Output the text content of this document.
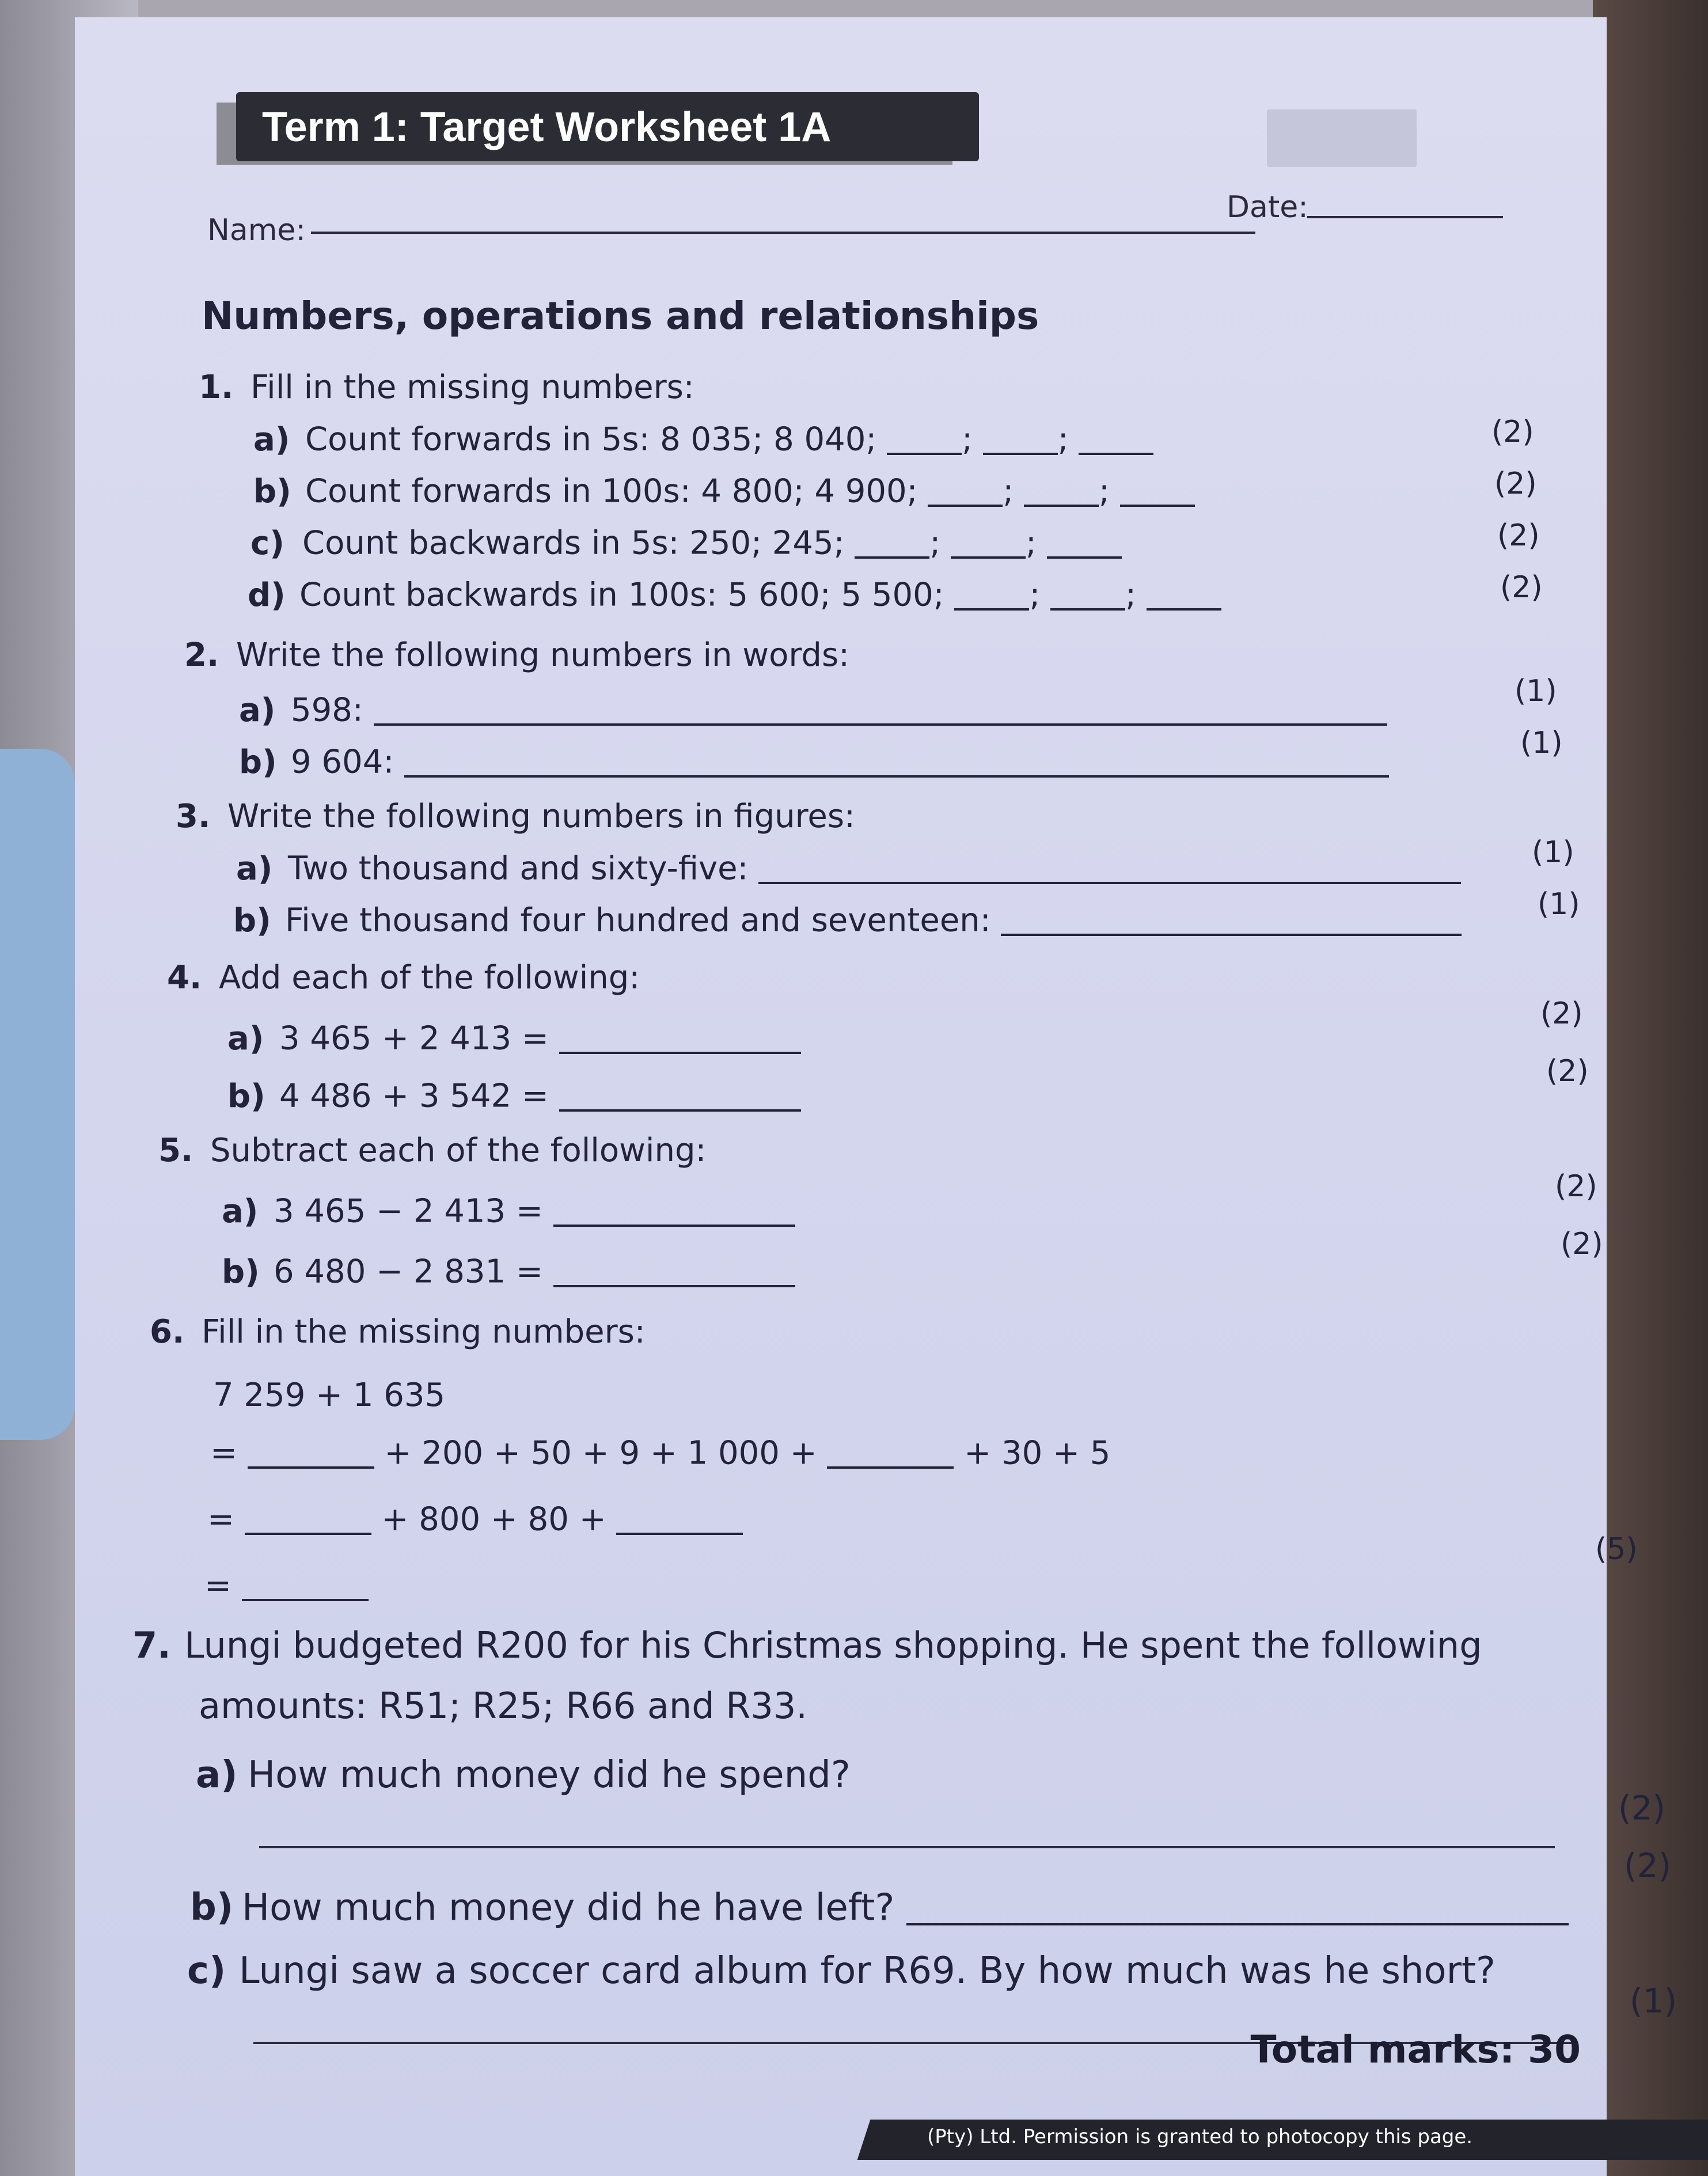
Term 1: Target Worksheet 1A
Name:
Date:
Numbers, operations and relationships
1. Fill in the missing numbers:
a) Count forwards in 5s: 8 035; 8 040;	; ;	(2)
b) Count forwards in 100s: 4 800; 4 900;	; ;	(2)
c) Count backwards in 5s: 250; 245;	; ;	(2)
d) Count backwards in 100s: 5 600; 5 500;	; ;	(2)
2. Write the following numbers in words:
a) 598:
(1)
b) 9 604:
(1)
3. Write the following numbers in figures:
a) Two thousand and sixty-five:	(1)
b) Five thousand four hundred and seventeen:	(1)
4. Add each of the following:
a) 3 465 + 2 413 =
(2)
b) 4 486 + 3 542 =
(2)
5. Subtract each of the following:
a) 3 465 − 2 413 =
(2)
b) 6 480 − 2 831 =
(2)
6. Fill in the missing numbers:
7 259 + 1 635
=	+ 200 + 50 + 9 + 1 000 +	+ 30 + 5
=	+ 800 + 80 +
(5)
=
7. Lungi budgeted R200 for his Christmas shopping. He spent the following
amounts: R51; R25; R66 and R33.
a) How much money did he spend?
(2)
b) How much money did he have left?
(2)
c) Lungi saw a soccer card album for R69. By how much was he short?
(1)
Total marks: 30
(Pty) Ltd. Permission is granted to photocopy this page.
